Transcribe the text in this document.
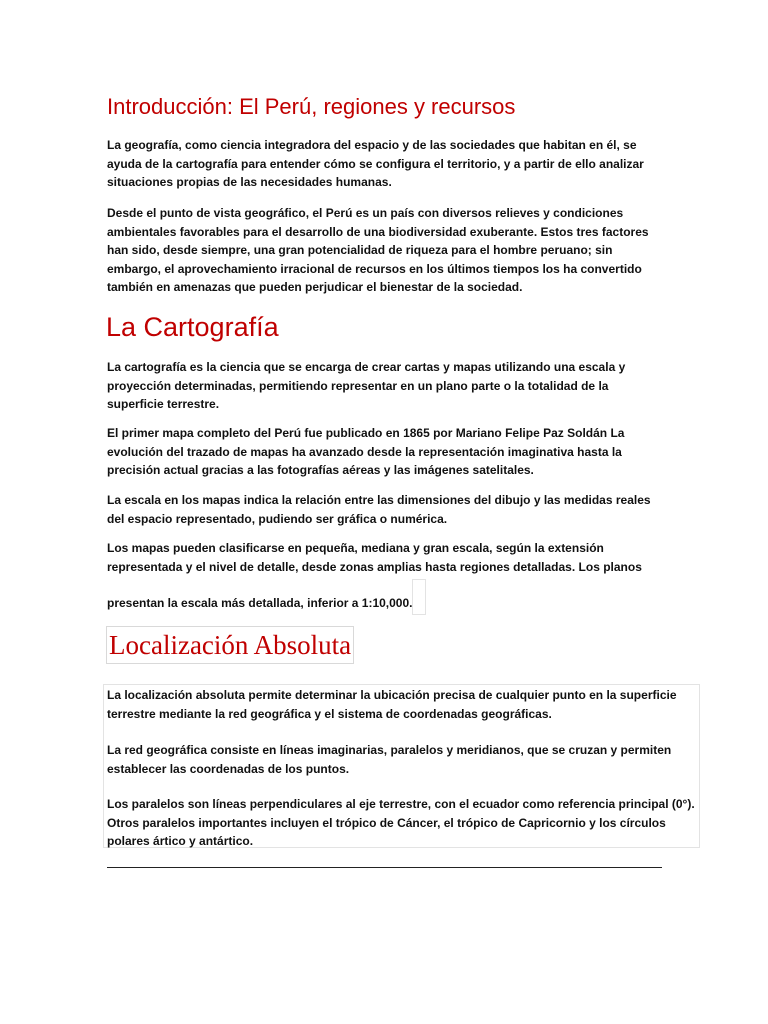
Introducción: El Perú, regiones y recursos

La geografía, como ciencia integradora del espacio y de las sociedades que habitan en él, se ayuda de la cartografía para entender cómo se configura el territorio, y a partir de ello analizar situaciones propias de las necesidades humanas.

Desde el punto de vista geográfico, el Perú es un país con diversos relieves y condiciones ambientales favorables para el desarrollo de una biodiversidad exuberante. Estos tres factores han sido, desde siempre, una gran potencialidad de riqueza para el hombre peruano; sin embargo, el aprovechamiento irracional de recursos en los últimos tiempos los ha convertido también en amenazas que pueden perjudicar el bienestar de la sociedad.

La Cartografía

La cartografía es la ciencia que se encarga de crear cartas y mapas utilizando una escala y proyección determinadas, permitiendo representar en un plano parte o la totalidad de la superficie terrestre.

El primer mapa completo del Perú fue publicado en 1865 por Mariano Felipe Paz Soldán La evolución del trazado de mapas ha avanzado desde la representación imaginativa hasta la precisión actual gracias a las fotografías aéreas y las imágenes satelitales.

La escala en los mapas indica la relación entre las dimensiones del dibujo y las medidas reales del espacio representado, pudiendo ser gráfica o numérica.

Los mapas pueden clasificarse en pequeña, mediana y gran escala, según la extensión representada y el nivel de detalle, desde zonas amplias hasta regiones detalladas. Los planos

presentan la escala más detallada, inferior a 1:10,000.

Localización Absoluta

La localización absoluta permite determinar la ubicación precisa de cualquier punto en la superficie terrestre mediante la red geográfica y el sistema de coordenadas geográficas.

La red geográfica consiste en líneas imaginarias, paralelos y meridianos, que se cruzan y permiten establecer las coordenadas de los puntos.

Los paralelos son líneas perpendiculares al eje terrestre, con el ecuador como referencia principal (0°). Otros paralelos importantes incluyen el trópico de Cáncer, el trópico de Capricornio y los círculos polares ártico y antártico.
